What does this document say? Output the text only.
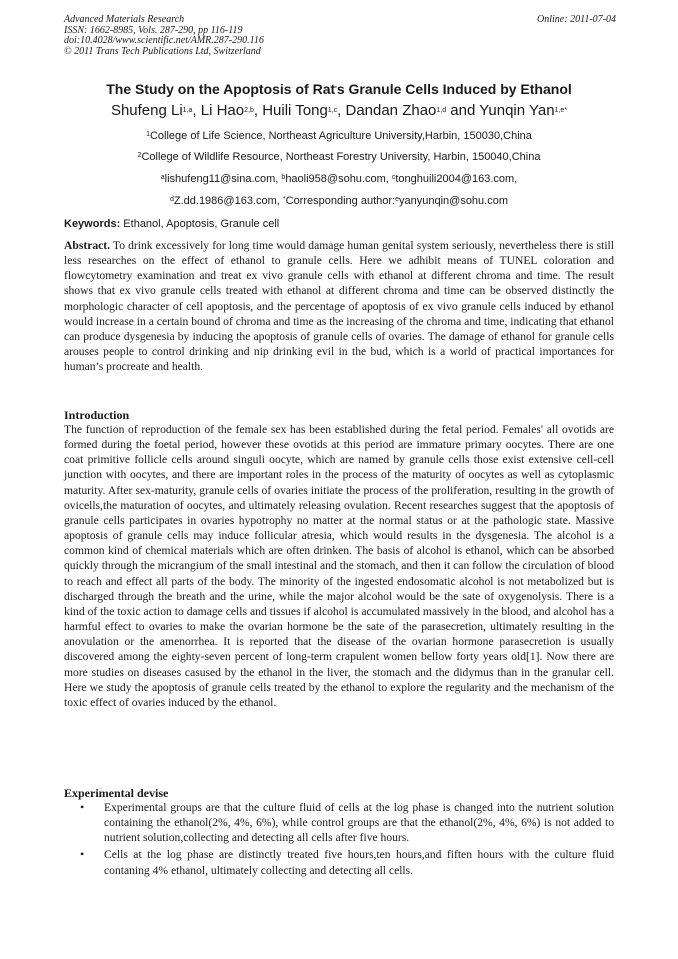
Advanced Materials Research
ISSN: 1662-8985, Vols. 287-290, pp 116-119
doi:10.4028/www.scientific.net/AMR.287-290.116
© 2011 Trans Tech Publications Ltd, Switzerland
Online: 2011-07-04
The Study on the Apoptosis of Rat's Granule Cells Induced by Ethanol
Shufeng Li$^{1,a}$, Li Hao$^{2,b}$, Huili Tong$^{1,c}$, Dandan Zhao$^{1,d}$ and Yunqin Yan$^{1,e*}$
$^1$College of Life Science, Northeast Agriculture University,Harbin, 150030,China
$^2$College of Wildlife Resource, Northeast Forestry University, Harbin, 150040,China
$^a$lishufeng11@sina.com, $^b$haoli958@sohu.com, $^c$tonghuili2004@163.com,
$^d$Z.dd.1986@163.com, *Corresponding author:$^e$yanyunqin@sohu.com
Keywords: Ethanol, Apoptosis, Granule cell
Abstract. To drink excessively for long time would damage human genital system seriously, nevertheless there is still less researches on the effect of ethanol to granule cells. Here we adhibit means of TUNEL coloration and flowcytometry examination and treat ex vivo granule cells with ethanol at different chroma and time. The result shows that ex vivo granule cells treated with ethanol at different chroma and time can be observed distinctly the morphologic character of cell apoptosis, and the percentage of apoptosis of ex vivo granule cells induced by ethanol would increase in a certain bound of chroma and time as the increasing of the chroma and time, indicating that ethanol can produce dysgenesia by inducing the apoptosis of granule cells of ovaries. The damage of ethanol for granule cells arouses people to control drinking and nip drinking evil in the bud, which is a world of practical importances for human’s procreate and health.
Introduction
The function of reproduction of the female sex has been established during the fetal period. Females' all ovotids are formed during the foetal period, however these ovotids at this period are immature primary oocytes. There are one coat primitive follicle cells around singuli oocyte, which are named by granule cells those exist extensive cell-cell junction with oocytes, and there are important roles in the process of the maturity of oocytes as well as cytoplasmic maturity. After sex-maturity, granule cells of ovaries initiate the process of the proliferation, resulting in the growth of ovicells,the maturation of oocytes, and ultimately releasing ovulation. Recent researches suggest that the apoptosis of granule cells participates in ovaries hypotrophy no matter at the normal status or at the pathologic state. Massive apoptosis of granule cells may induce follicular atresia, which would results in the dysgenesia. The alcohol is a common kind of chemical materials which are often drinken. The basis of alcohol is ethanol, which can be absorbed quickly through the micrangium of the small intestinal and the stomach, and then it can follow the circulation of blood to reach and effect all parts of the body. The minority of the ingested endosomatic alcohol is not metabolized but is discharged through the breath and the urine, while the major alcohol would be the sate of oxygenolysis. There is a kind of the toxic action to damage cells and tissues if alcohol is accumulated massively in the blood, and alcohol has a harmful effect to ovaries to make the ovarian hormone be the sate of the parasecretion, ultimately resulting in the anovulation or the amenorrhea. It is reported that the disease of the ovarian hormone parasecretion is usually discovered among the eighty-seven percent of long-term crapulent women bellow forty years old[1]. Now there are more studies on diseases casused by the ethanol in the liver, the stomach and the didymus than in the granular cell. Here we study the apoptosis of granule cells treated by the ethanol to explore the regularity and the mechanism of the toxic effect of ovaries induced by the ethanol.
Experimental devise
• Experimental groups are that the culture fluid of cells at the log phase is changed into the nutrient solution containing the ethanol(2%, 4%, 6%), while control groups are that the ethanol(2%, 4%, 6%) is not added to nutrient solution,collecting and detecting all cells after five hours.
• Cells at the log phase are distinctly treated five hours,ten hours,and fiften hours with the culture fluid contaning 4% ethanol, ultimately collecting and detecting all cells.
